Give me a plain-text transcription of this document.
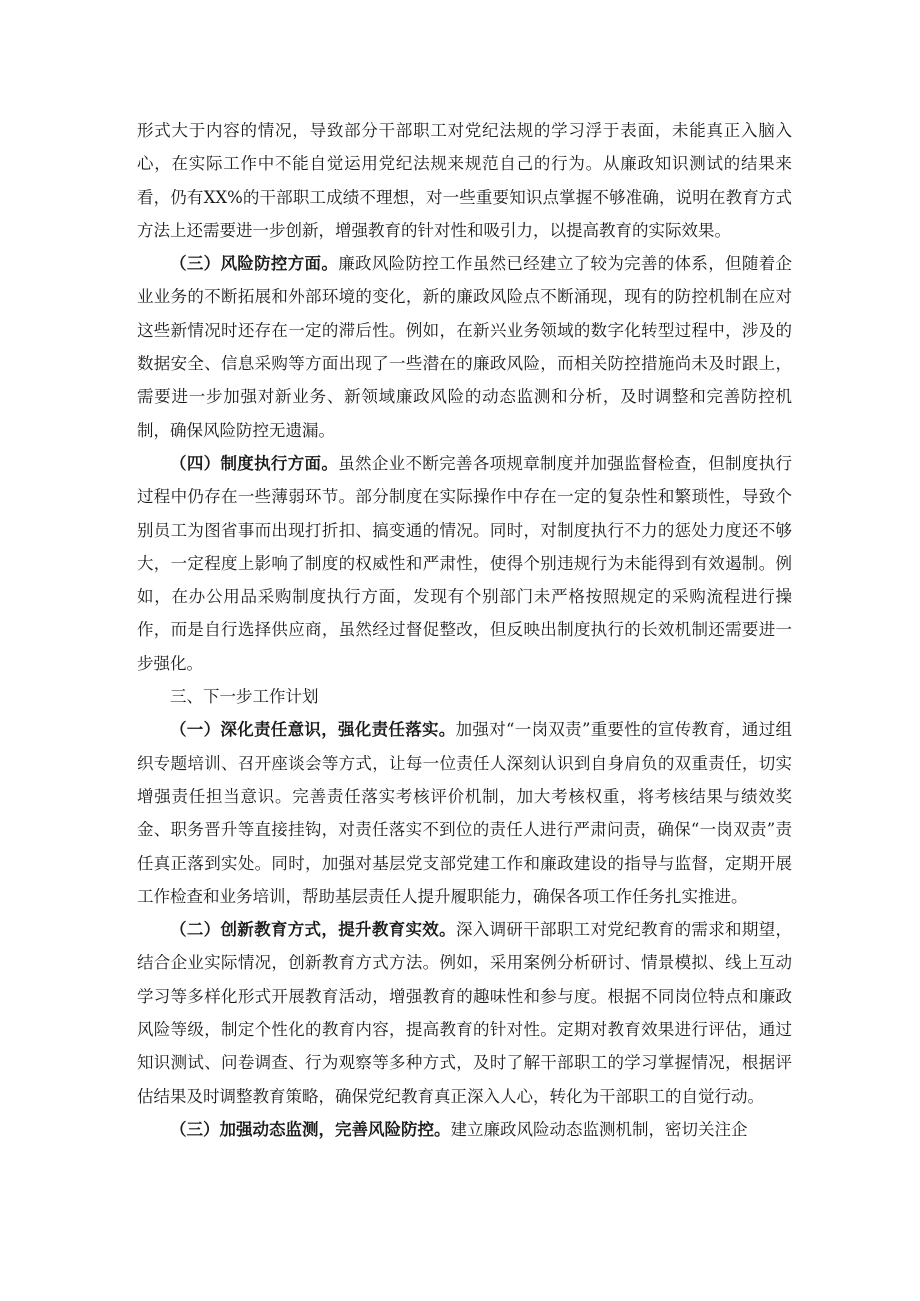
形式大于内容的情况，导致部分干部职工对党纪法规的学习浮于表面，未能真正入脑入心，在实际工作中不能自觉运用党纪法规来规范自己的行为。从廉政知识测试的结果来看，仍有XX%的干部职工成绩不理想，对一些重要知识点掌握不够准确，说明在教育方式方法上还需要进一步创新，增强教育的针对性和吸引力，以提高教育的实际效果。

（三）风险防控方面。廉政风险防控工作虽然已经建立了较为完善的体系，但随着企业业务的不断拓展和外部环境的变化，新的廉政风险点不断涌现，现有的防控机制在应对这些新情况时还存在一定的滞后性。例如，在新兴业务领域的数字化转型过程中，涉及的数据安全、信息采购等方面出现了一些潜在的廉政风险，而相关防控措施尚未及时跟上，需要进一步加强对新业务、新领域廉政风险的动态监测和分析，及时调整和完善防控机制，确保风险防控无遗漏。

（四）制度执行方面。虽然企业不断完善各项规章制度并加强监督检查，但制度执行过程中仍存在一些薄弱环节。部分制度在实际操作中存在一定的复杂性和繁琐性，导致个别员工为图省事而出现打折扣、搞变通的情况。同时，对制度执行不力的惩处力度还不够大，一定程度上影响了制度的权威性和严肃性，使得个别违规行为未能得到有效遏制。例如，在办公用品采购制度执行方面，发现有个别部门未严格按照规定的采购流程进行操作，而是自行选择供应商，虽然经过督促整改，但反映出制度执行的长效机制还需要进一步强化。

三、下一步工作计划

（一）深化责任意识，强化责任落实。加强对“一岗双责”重要性的宣传教育，通过组织专题培训、召开座谈会等方式，让每一位责任人深刻认识到自身肩负的双重责任，切实增强责任担当意识。完善责任落实考核评价机制，加大考核权重，将考核结果与绩效奖金、职务晋升等直接挂钩，对责任落实不到位的责任人进行严肃问责，确保“一岗双责”责任真正落到实处。同时，加强对基层党支部党建工作和廉政建设的指导与监督，定期开展工作检查和业务培训，帮助基层责任人提升履职能力，确保各项工作任务扎实推进。

（二）创新教育方式，提升教育实效。深入调研干部职工对党纪教育的需求和期望，结合企业实际情况，创新教育方式方法。例如，采用案例分析研讨、情景模拟、线上互动学习等多样化形式开展教育活动，增强教育的趣味性和参与度。根据不同岗位特点和廉政风险等级，制定个性化的教育内容，提高教育的针对性。定期对教育效果进行评估，通过知识测试、问卷调查、行为观察等多种方式，及时了解干部职工的学习掌握情况，根据评估结果及时调整教育策略，确保党纪教育真正深入人心，转化为干部职工的自觉行动。

（三）加强动态监测，完善风险防控。建立廉政风险动态监测机制，密切关注企
